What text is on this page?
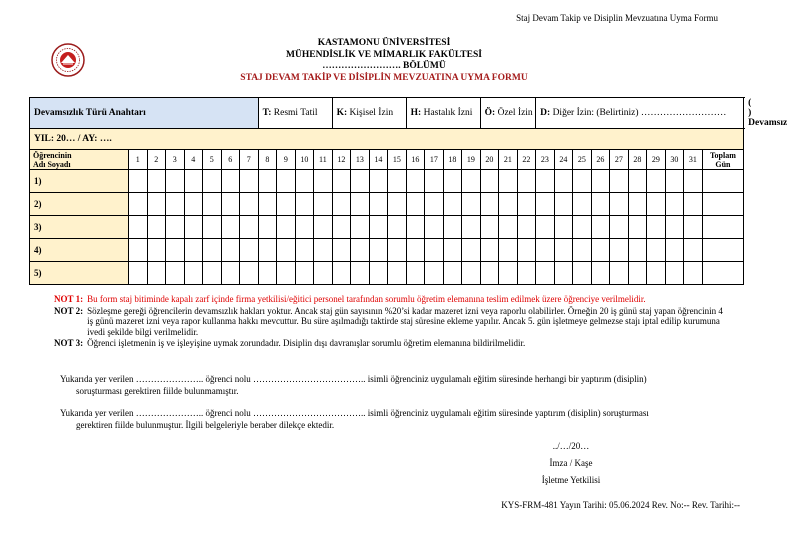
Staj Devam Takip ve Disiplin Mevzuatına Uyma Formu
KASTAMONU ÜNİVERSİTESİ
MÜHENDİSLİK VE MİMARLIK FAKÜLTESİ
……………………. BÖLÜMÜ
STAJ DEVAM TAKİP VE DİSİPLİN MEVZUATINA UYMA FORMU
Devamsızlık Türü Anahtarı								T: Resmi Tatil				K: Kişisel İzin				H: Hastalık İzni				Ö: Özel İzin			D: Diğer İzin: (Belirtiniz) ………………………										( ) Devamsız
YIL: 20… / AY: ….																																	
Öğrencinin
Adı Soyadı	1	2	3	4	5	6	7	8	9	10	11	12	13	14	15	16	17	18	19	20	21	22	23	24	25	26	27	28	29	30	31	Toplam
Gün	
1)																																	
2)																																	
3)																																	
4)																																	
5)																																	
NOT 1: Bu form staj bitiminde kapalı zarf içinde firma yetkilisi/eğitici personel tarafından sorumlu öğretim elemanına teslim edilmek üzere öğrenciye verilmelidir.
NOT 2: Sözleşme gereği öğrencilerin devamsızlık hakları yoktur. Ancak staj gün sayısının %20’si kadar mazeret izni veya raporlu olabilirler. Örneğin 20 iş günü staj yapan öğrencinin 4 iş günü mazeret izni veya rapor kullanma hakkı mevcuttur. Bu süre aşılmadığı taktirde staj süresine ekleme yapılır. Ancak 5. gün işletmeye gelmezse stajı iptal edilip kurumuna ivedi şekilde bilgi verilmelidir.
NOT 3: Öğrenci işletmenin iş ve işleyişine uymak zorundadır. Disiplin dışı davranışlar sorumlu öğretim elemanına bildirilmelidir.
Yukarıda yer verilen ………………….. öğrenci nolu ……………………………….. isimli öğrenciniz uygulamalı eğitim süresinde herhangi bir yaptırım (disiplin)
soruşturması gerektiren fiilde bulunmamıştır.
Yukarıda yer verilen ………………….. öğrenci nolu ……………………………….. isimli öğrenciniz uygulamalı eğitim süresinde yaptırım (disiplin) soruşturması
gerektiren fiilde bulunmuştur. İlgili belgeleriyle beraber dilekçe ektedir.
../…/20…
İmza / Kaşe
İşletme Yetkilisi
KYS-FRM-481 Yayın Tarihi: 05.06.2024 Rev. No:-- Rev. Tarihi:--
